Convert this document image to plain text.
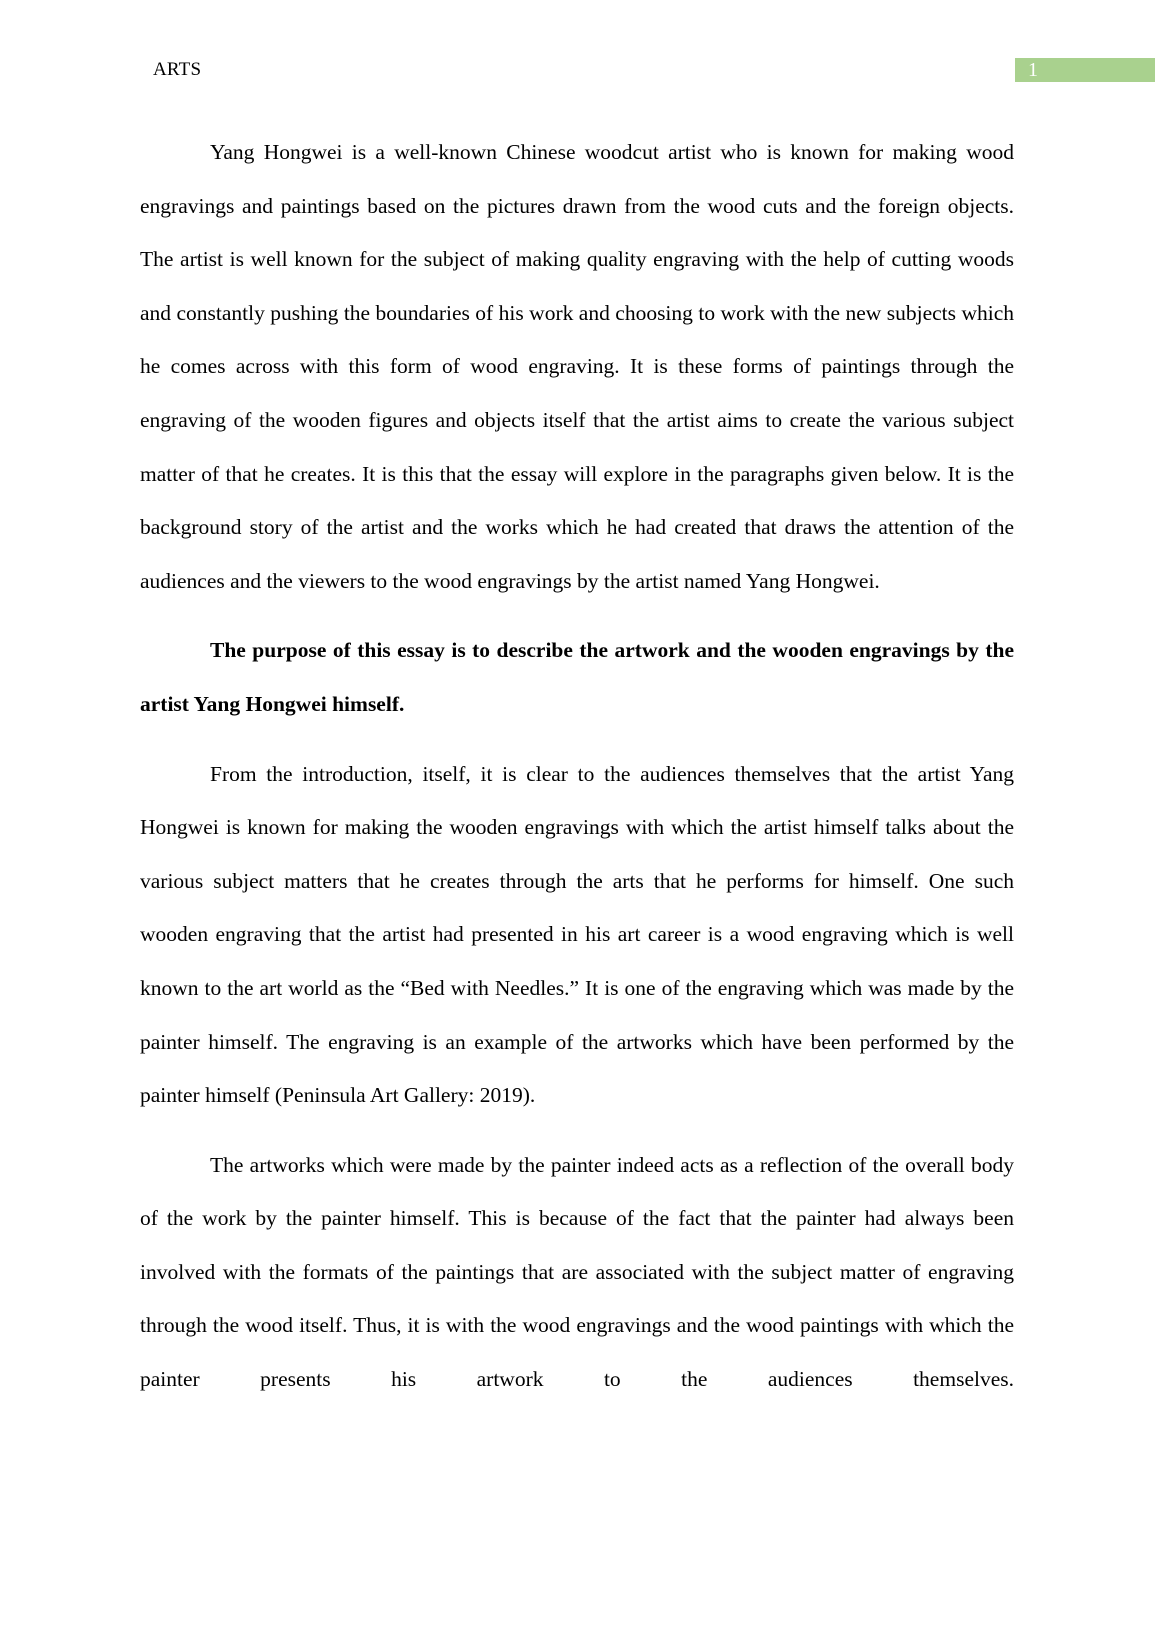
ARTS	1

Yang Hongwei is a well-known Chinese woodcut artist who is known for making wood engravings and paintings based on the pictures drawn from the wood cuts and the foreign objects. The artist is well known for the subject of making quality engraving with the help of cutting woods and constantly pushing the boundaries of his work and choosing to work with the new subjects which he comes across with this form of wood engraving. It is these forms of paintings through the engraving of the wooden figures and objects itself that the artist aims to create the various subject matter of that he creates. It is this that the essay will explore in the paragraphs given below. It is the background story of the artist and the works which he had created that draws the attention of the audiences and the viewers to the wood engravings by the artist named Yang Hongwei.

The purpose of this essay is to describe the artwork and the wooden engravings by the artist Yang Hongwei himself.

From the introduction, itself, it is clear to the audiences themselves that the artist Yang Hongwei is known for making the wooden engravings with which the artist himself talks about the various subject matters that he creates through the arts that he performs for himself. One such wooden engraving that the artist had presented in his art career is a wood engraving which is well known to the art world as the “Bed with Needles.” It is one of the engraving which was made by the painter himself. The engraving is an example of the artworks which have been performed by the painter himself (Peninsula Art Gallery: 2019).

The artworks which were made by the painter indeed acts as a reflection of the overall body of the work by the painter himself. This is because of the fact that the painter had always been involved with the formats of the paintings that are associated with the subject matter of engraving through the wood itself. Thus, it is with the wood engravings and the wood paintings with which the painter presents his artwork to the audiences themselves.
